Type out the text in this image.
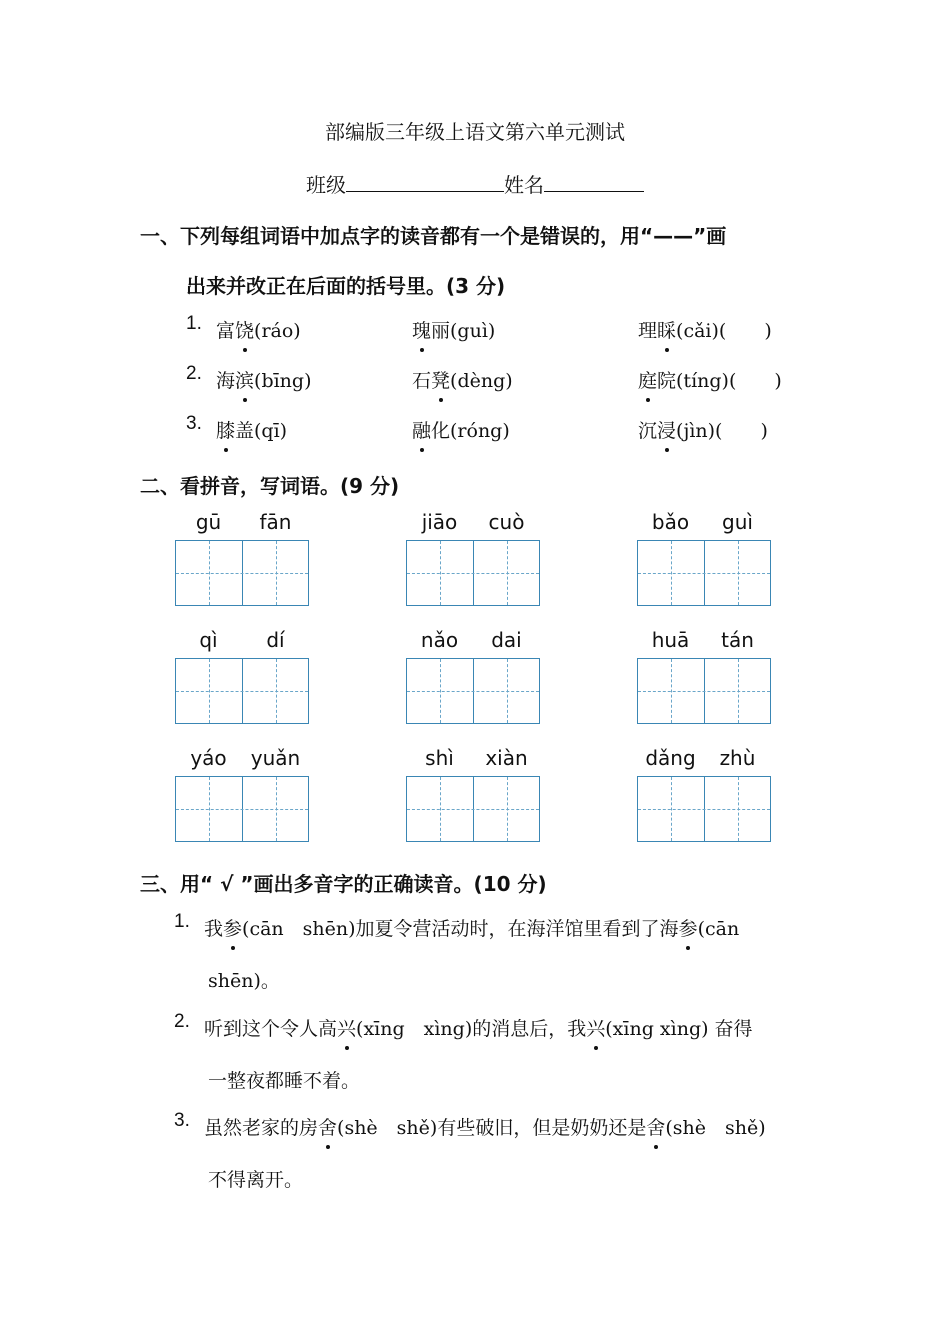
部编版三年级上语文第六单元测试
班级	姓名
一、下列每组词语中加点字的读音都有一个是错误的，用“——”画
出来并改正在后面的括号里。(3 分)
1. 富饶(ráo)	瑰丽(guì)	理睬(cǎi)(　　)
2. 海滨(bīng)	石凳(dèng)	庭院(tíng)(　　)
3. 膝盖(qī)	融化(róng)	沉浸(jìn)(　　)
二、看拼音，写词语。(9 分)
gū	fān	jiāo	cuò	bǎo	guì
qì	dí	nǎo	dai	huā	tán
yáo	yuǎn	shì	xiàn	dǎng	zhù
三、用“ √ ”画出多音字的正确读音。(10 分)
1. 我参(cān　shēn)加夏令营活动时，在海洋馆里看到了海参(cān
shēn)。
2. 听到这个令人高兴(xīng　xìng)的消息后，我兴(xīng xìng) 奋得
一整夜都睡不着。
3. 虽然老家的房舍(shè　shě)有些破旧，但是奶奶还是舍(shè　shě)
不得离开。
